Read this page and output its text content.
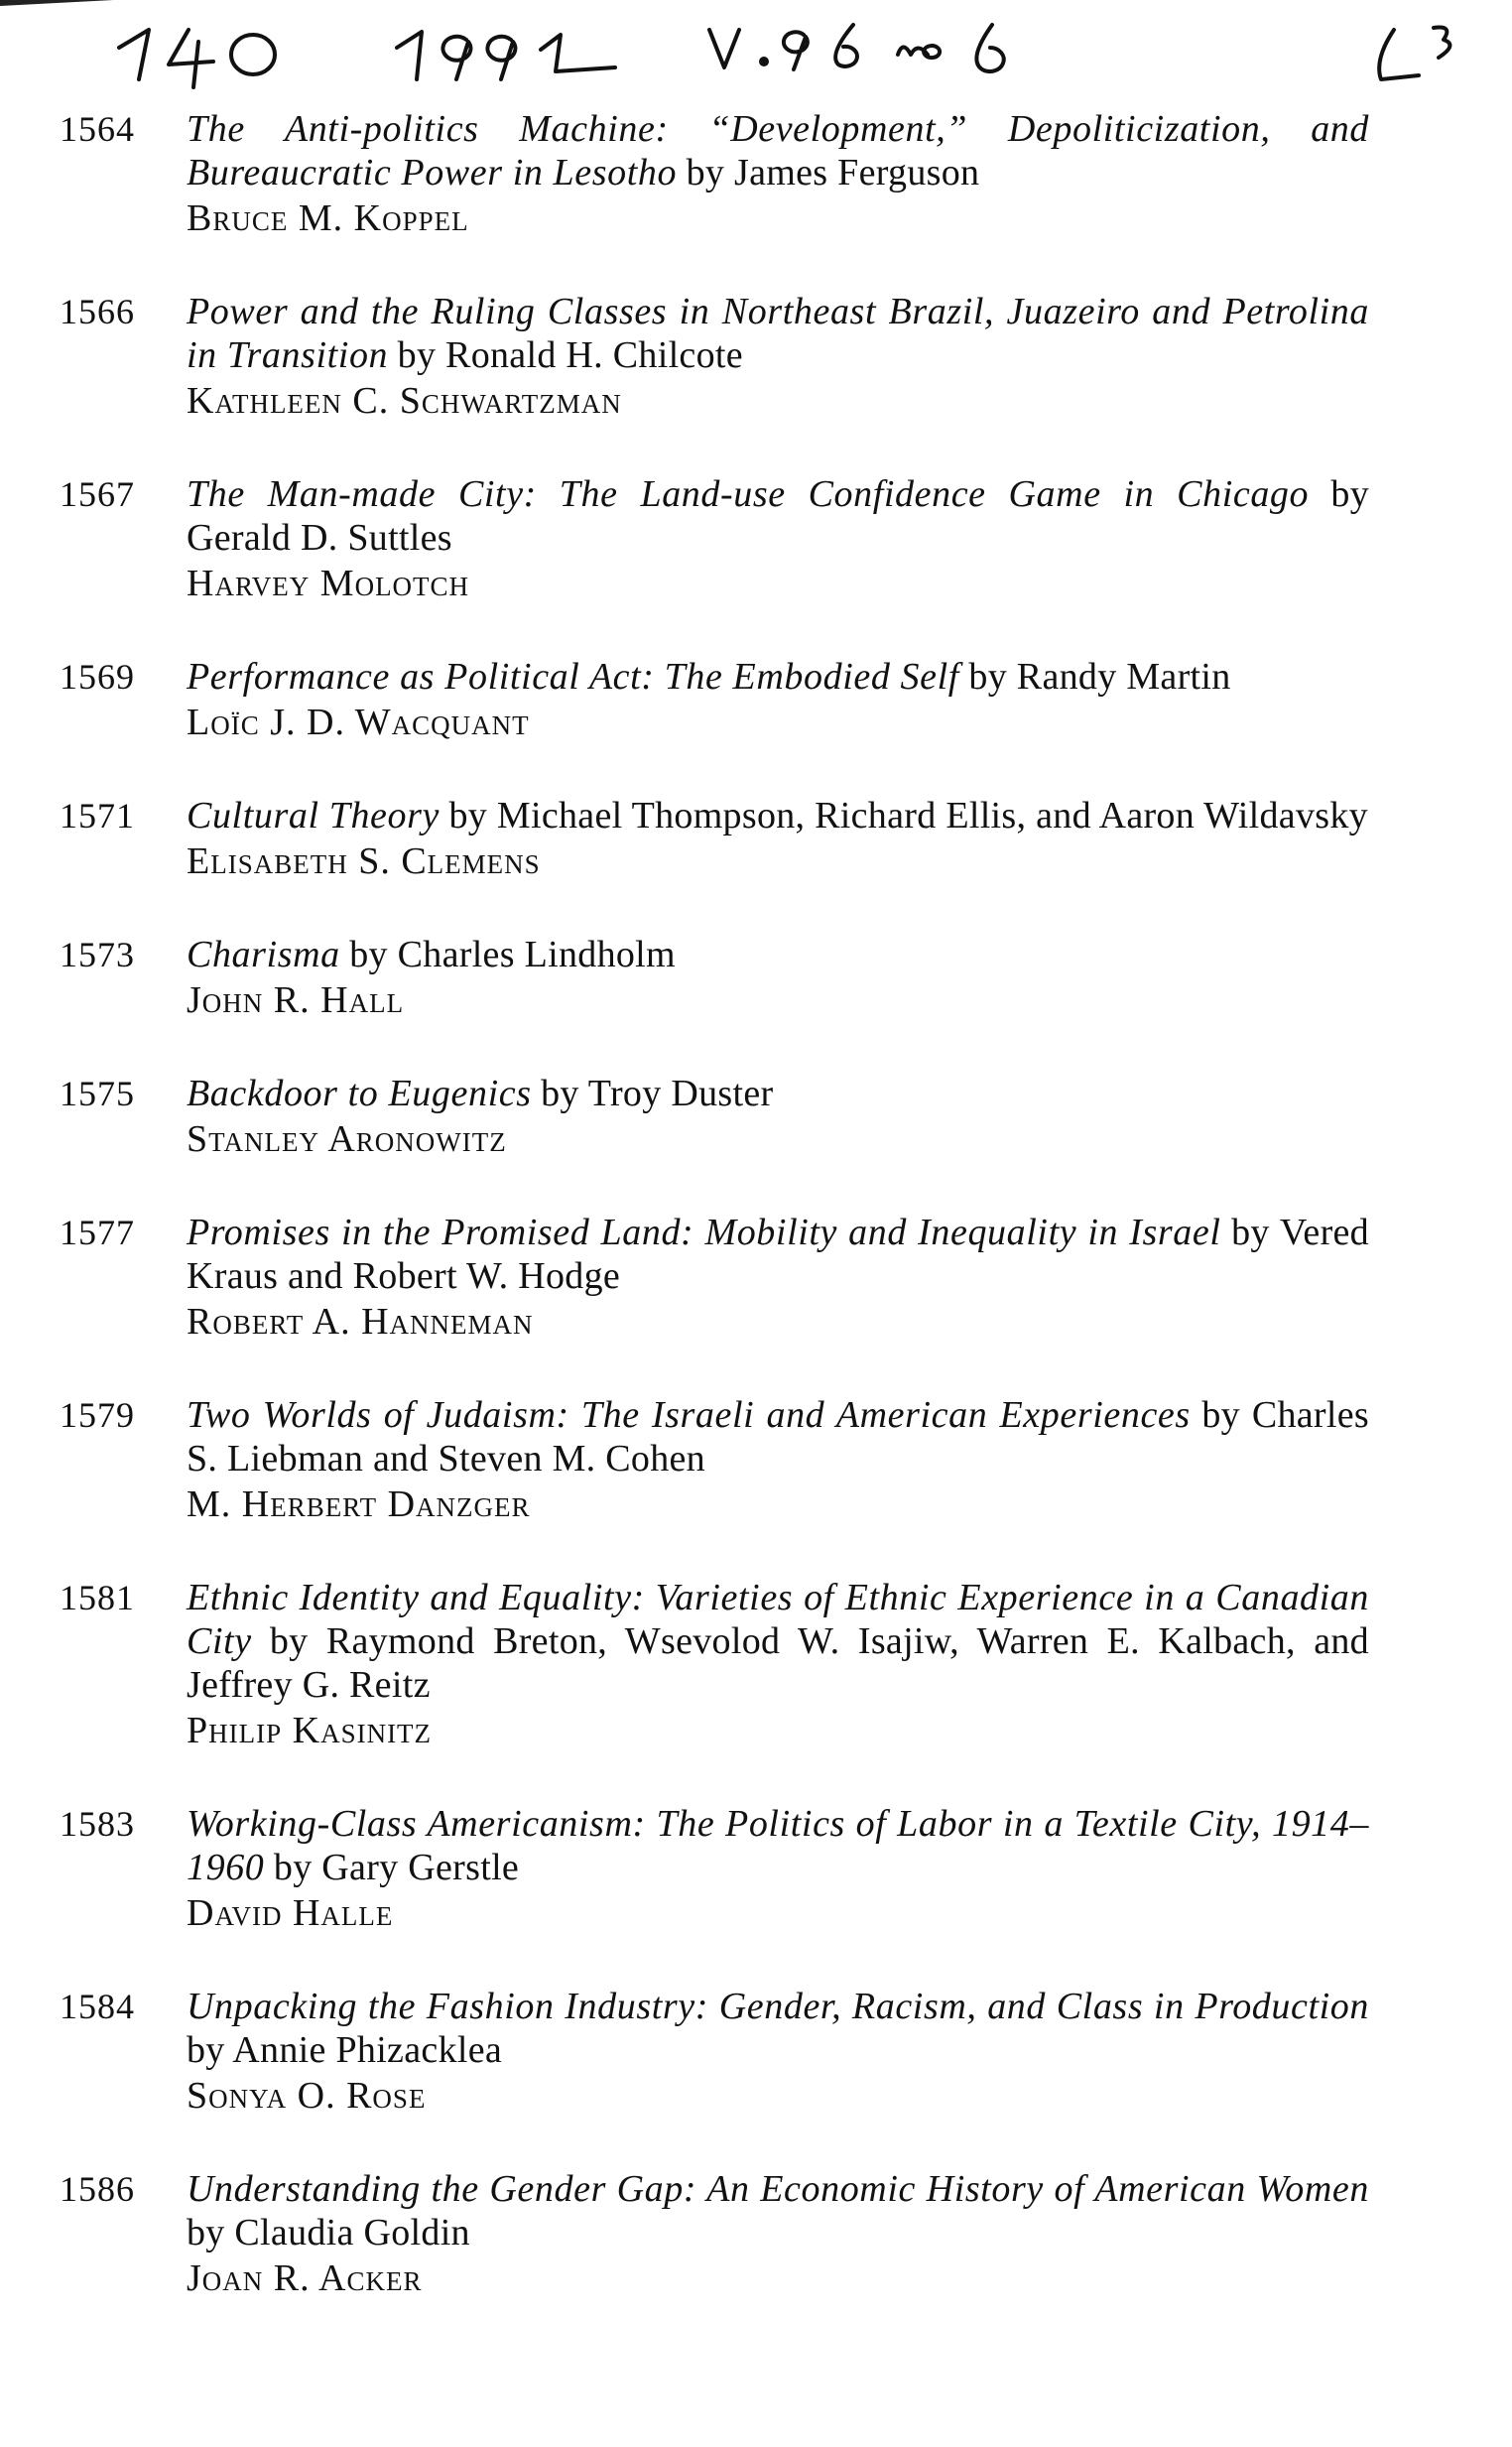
1564	The Anti-politics Machine: “Development,” Depoliticization, and Bureaucratic Power in Lesotho by James Ferguson
Bruce M. Koppel
1566	Power and the Ruling Classes in Northeast Brazil, Juazeiro and Petrolina in Transition by Ronald H. Chilcote
Kathleen C. Schwartzman
1567	The Man-made City: The Land-use Confidence Game in Chicago by Gerald D. Suttles
Harvey Molotch
1569	Performance as Political Act: The Embodied Self by Randy Martin
Loïc J. D. Wacquant
1571	Cultural Theory by Michael Thompson, Richard Ellis, and Aaron Wildavsky
Elisabeth S. Clemens
1573	Charisma by Charles Lindholm
John R. Hall
1575	Backdoor to Eugenics by Troy Duster
Stanley Aronowitz
1577	Promises in the Promised Land: Mobility and Inequality in Israel by Vered Kraus and Robert W. Hodge
Robert A. Hanneman
1579	Two Worlds of Judaism: The Israeli and American Experiences by Charles S. Liebman and Steven M. Cohen
M. Herbert Danzger
1581	Ethnic Identity and Equality: Varieties of Ethnic Experience in a Canadian City by Raymond Breton, Wsevolod W. Isajiw, Warren E. Kalbach, and Jeffrey G. Reitz
Philip Kasinitz
1583	Working-Class Americanism: The Politics of Labor in a Textile City, 1914–1960 by Gary Gerstle
David Halle
1584	Unpacking the Fashion Industry: Gender, Racism, and Class in Production by Annie Phizacklea
Sonya O. Rose
1586	Understanding the Gender Gap: An Economic History of American Women by Claudia Goldin
Joan R. Acker
